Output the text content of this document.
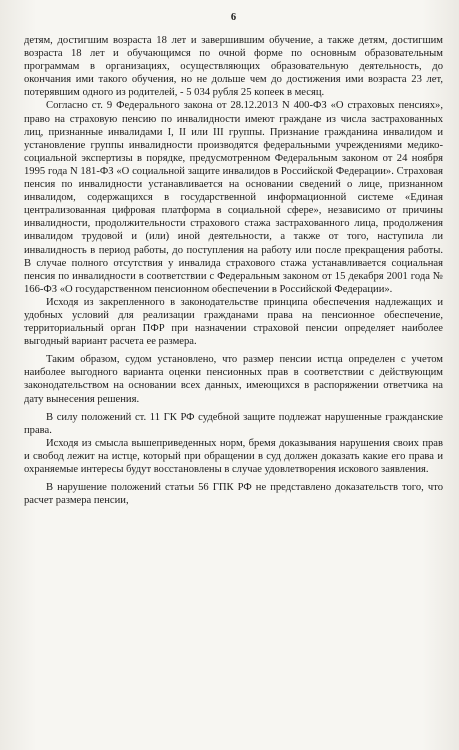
6

детям, достигшим возраста 18 лет и завершившим обучение, а также детям, достигшим возраста 18 лет и обучающимся по очной форме по основным образовательным программам в организациях, осуществляющих образовательную деятельность, до окончания ими такого обучения, но не дольше чем до достижения ими возраста 23 лет, потерявшим одного из родителей, - 5 034 рубля 25 копеек в месяц.

Согласно ст. 9 Федерального закона от 28.12.2013 N 400-ФЗ «О страховых пенсиях», право на страховую пенсию по инвалидности имеют граждане из числа застрахованных лиц, признанные инвалидами I, II или III группы. Признание гражданина инвалидом и установление группы инвалидности производятся федеральными учреждениями медико-социальной экспертизы в порядке, предусмотренном Федеральным законом от 24 ноября 1995 года N 181-ФЗ «О социальной защите инвалидов в Российской Федерации». Страховая пенсия по инвалидности устанавливается на основании сведений о лице, признанном инвалидом, содержащихся в государственной информационной системе «Единая централизованная цифровая платформа в социальной сфере», независимо от причины инвалидности, продолжительности страхового стажа застрахованного лица, продолжения инвалидом трудовой и (или) иной деятельности, а также от того, наступила ли инвалидность в период работы, до поступления на работу или после прекращения работы. В случае полного отсутствия у инвалида страхового стажа устанавливается социальная пенсия по инвалидности в соответствии с Федеральным законом от 15 декабря 2001 года № 166-ФЗ «О государственном пенсионном обеспечении в Российской Федерации».

Исходя из закрепленного в законодательстве принципа обеспечения надлежащих и удобных условий для реализации гражданами права на пенсионное обеспечение, территориальный орган ПФР при назначении страховой пенсии определяет наиболее выгодный вариант расчета ее размера.

Таким образом, судом установлено, что размер пенсии истца определен с учетом наиболее выгодного варианта оценки пенсионных прав в соответствии с действующим законодательством на основании всех данных, имеющихся в распоряжении ответчика на дату вынесения решения.

В силу положений ст. 11 ГК РФ судебной защите подлежат нарушенные гражданские права.

Исходя из смысла вышеприведенных норм, бремя доказывания нарушения своих прав и свобод лежит на истце, который при обращении в суд должен доказать какие его права и охраняемые интересы будут восстановлены в случае удовлетворения искового заявления.

В нарушение положений статьи 56 ГПК РФ не представлено доказательств того, что расчет размера пенсии,
